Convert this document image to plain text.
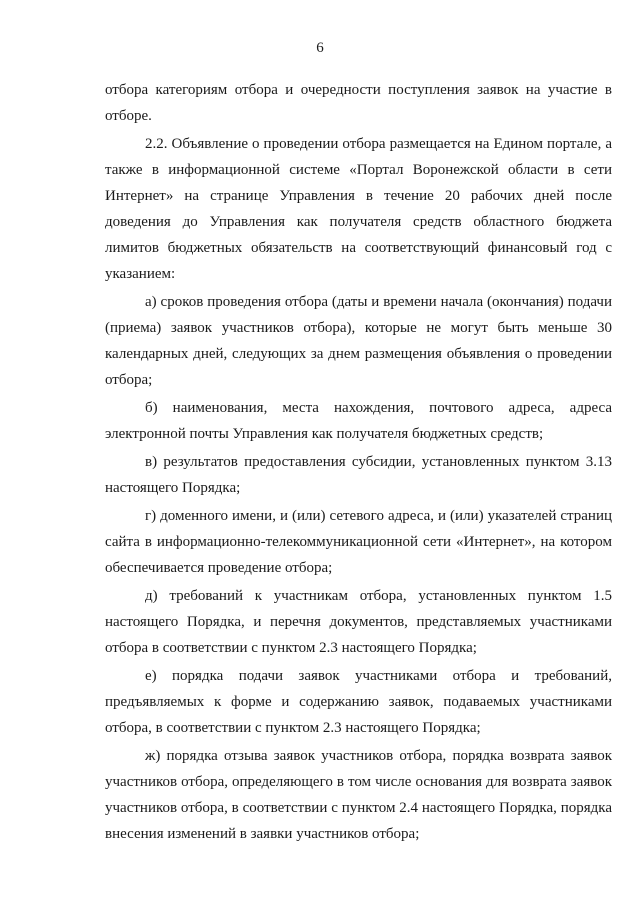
6

отбора категориям отбора и очередности поступления заявок на участие в отборе.

2.2. Объявление о проведении отбора размещается на Едином портале, а также в информационной системе «Портал Воронежской области в сети Интернет» на странице Управления в течение 20 рабочих дней после доведения до Управления как получателя средств областного бюджета лимитов бюджетных обязательств на соответствующий финансовый год с указанием:

а) сроков проведения отбора (даты и времени начала (окончания) подачи (приема) заявок участников отбора), которые не могут быть меньше 30 календарных дней, следующих за днем размещения объявления о проведении отбора;

б) наименования, места нахождения, почтового адреса, адреса электронной почты Управления как получателя бюджетных средств;

в) результатов предоставления субсидии, установленных пунктом 3.13 настоящего Порядка;

г) доменного имени, и (или) сетевого адреса, и (или) указателей страниц сайта в информационно-телекоммуникационной сети «Интернет», на котором обеспечивается проведение отбора;

д) требований к участникам отбора, установленных пунктом 1.5 настоящего Порядка, и перечня документов, представляемых участниками отбора в соответствии с пунктом 2.3 настоящего Порядка;

е) порядка подачи заявок участниками отбора и требований, предъявляемых к форме и содержанию заявок, подаваемых участниками отбора, в соответствии с пунктом 2.3 настоящего Порядка;

ж) порядка отзыва заявок участников отбора, порядка возврата заявок участников отбора, определяющего в том числе основания для возврата заявок участников отбора, в соответствии с пунктом 2.4 настоящего Порядка, порядка внесения изменений в заявки участников отбора;
